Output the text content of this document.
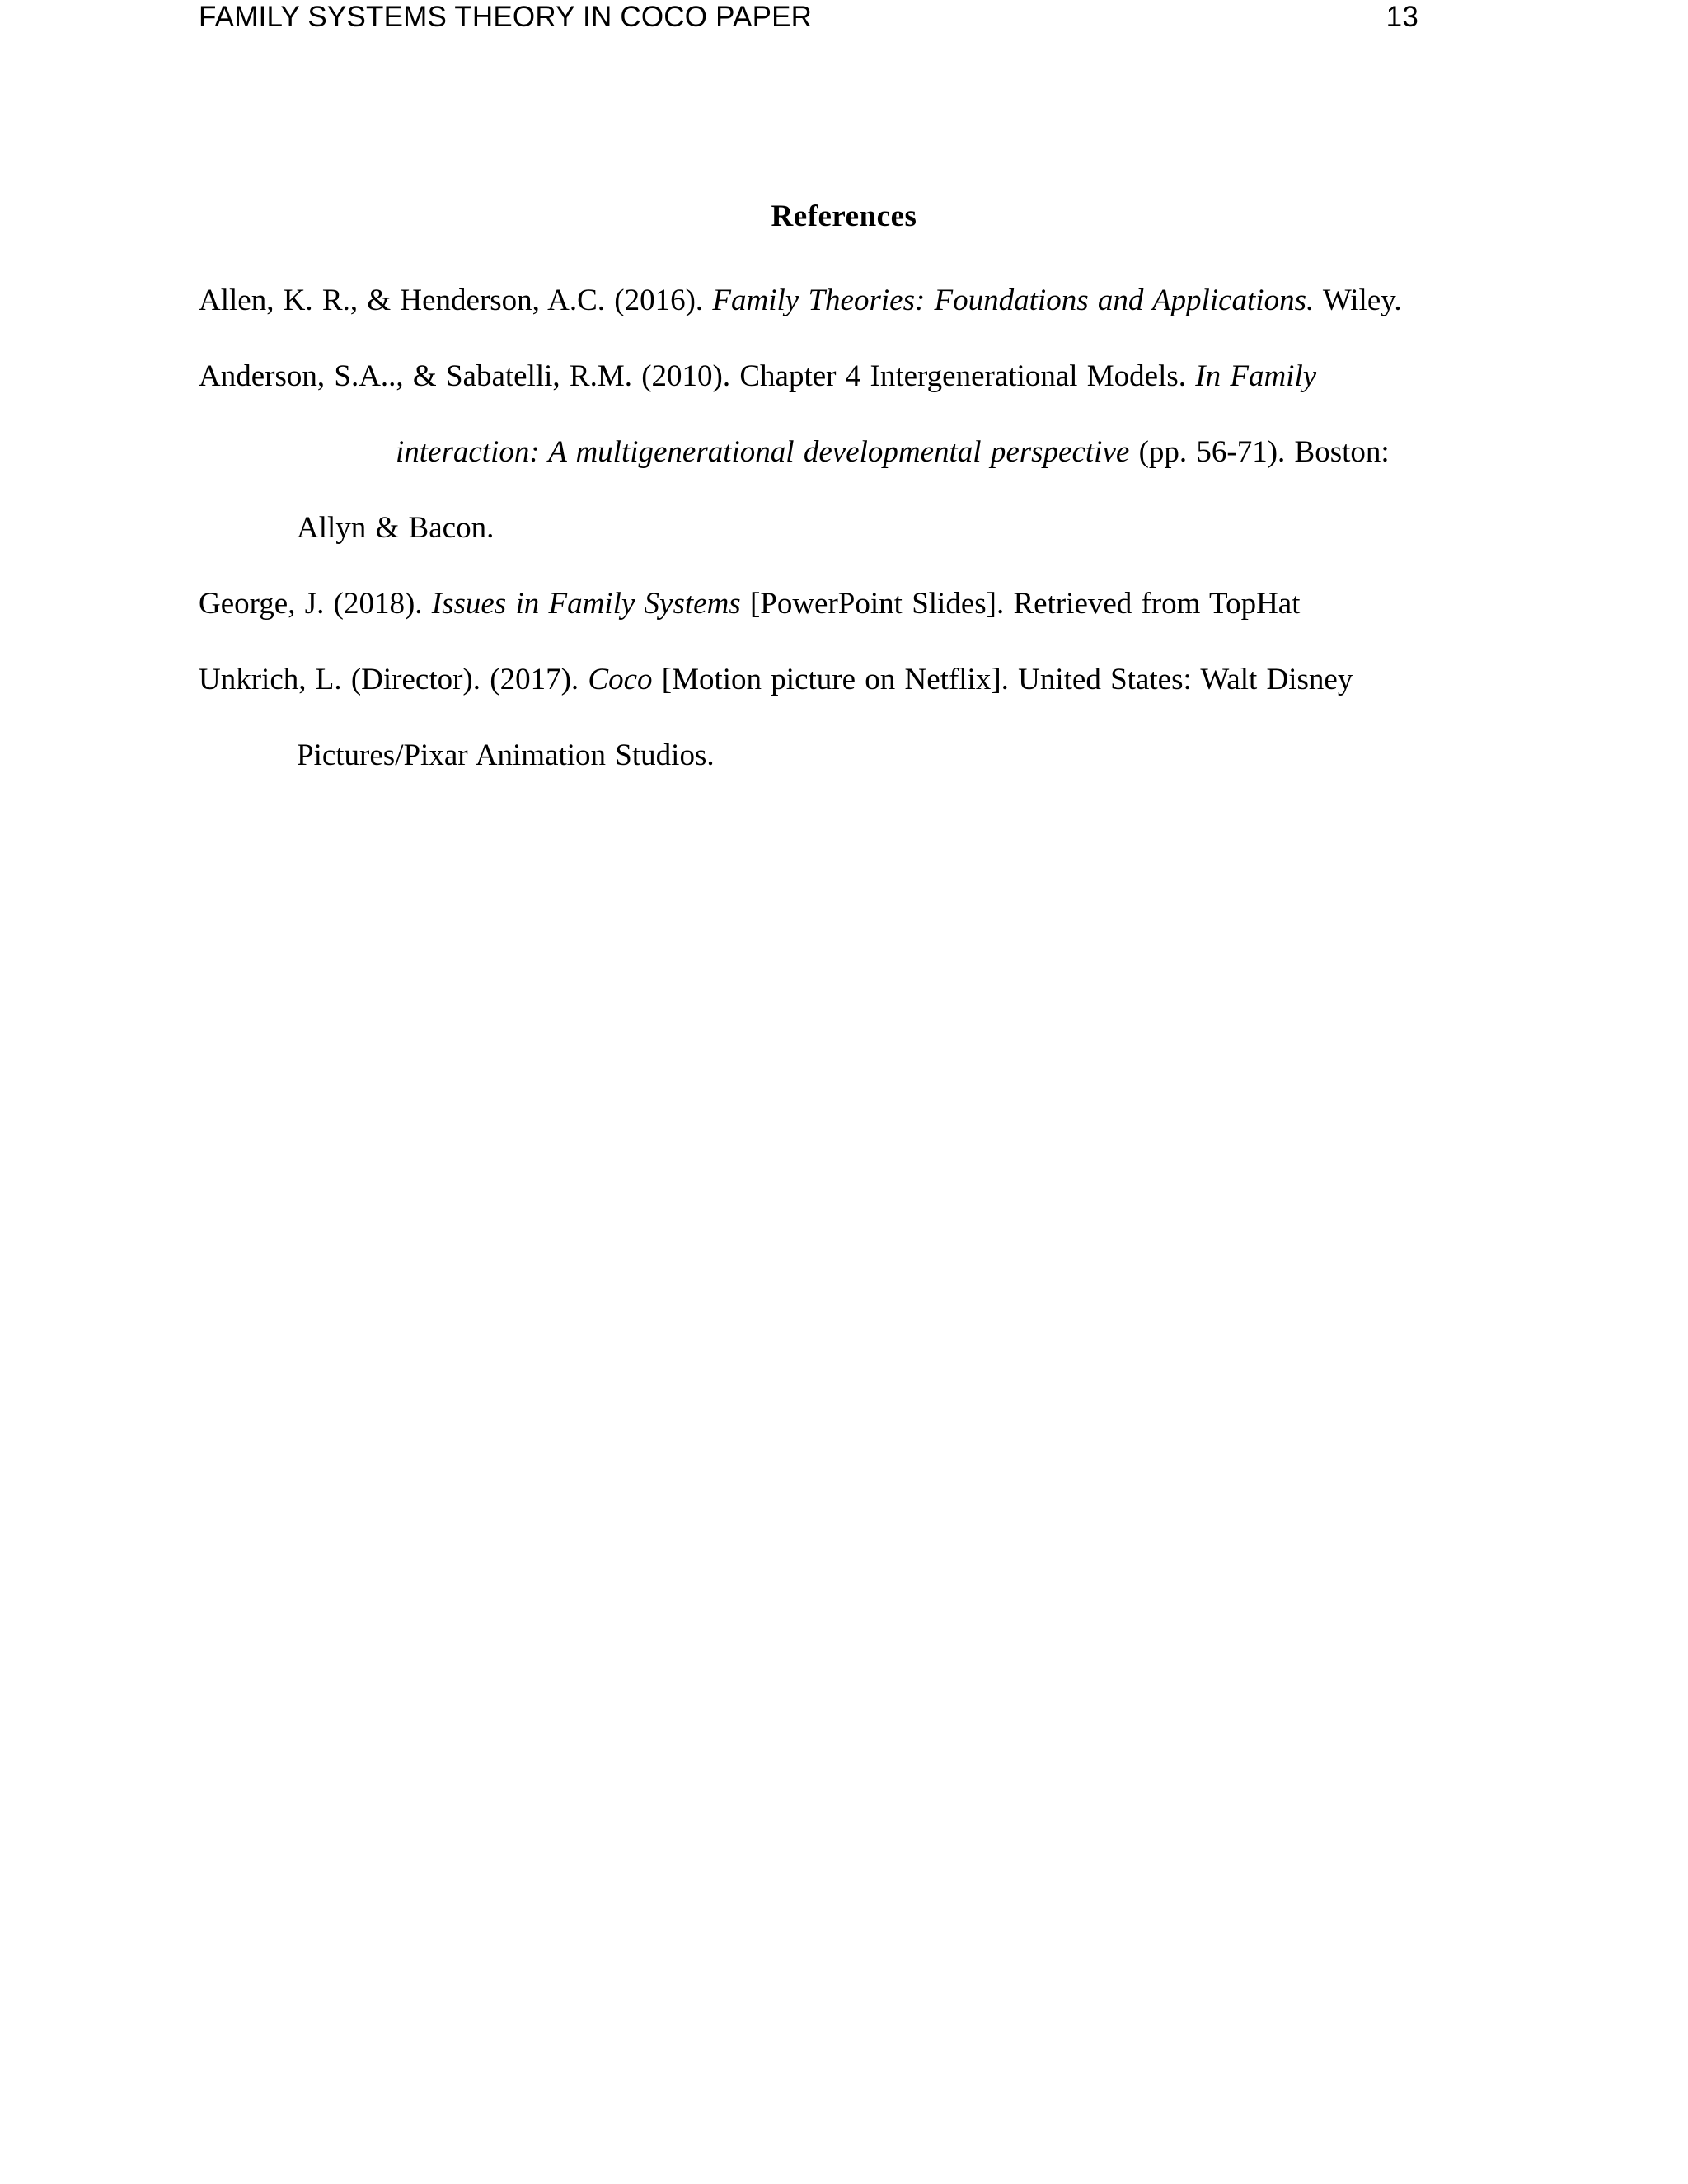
FAMILY SYSTEMS THEORY IN COCO PAPER	13
References
Allen, K. R., & Henderson, A.C. (2016). Family Theories: Foundations and Applications. Wiley.
Anderson, S.A.., & Sabatelli, R.M. (2010). Chapter 4 Intergenerational Models. In Family
interaction: A multigenerational developmental perspective (pp. 56-71). Boston:
Allyn & Bacon.
George, J. (2018). Issues in Family Systems [PowerPoint Slides]. Retrieved from TopHat
Unkrich, L. (Director). (2017). Coco [Motion picture on Netflix]. United States: Walt Disney
Pictures/Pixar Animation Studios.
